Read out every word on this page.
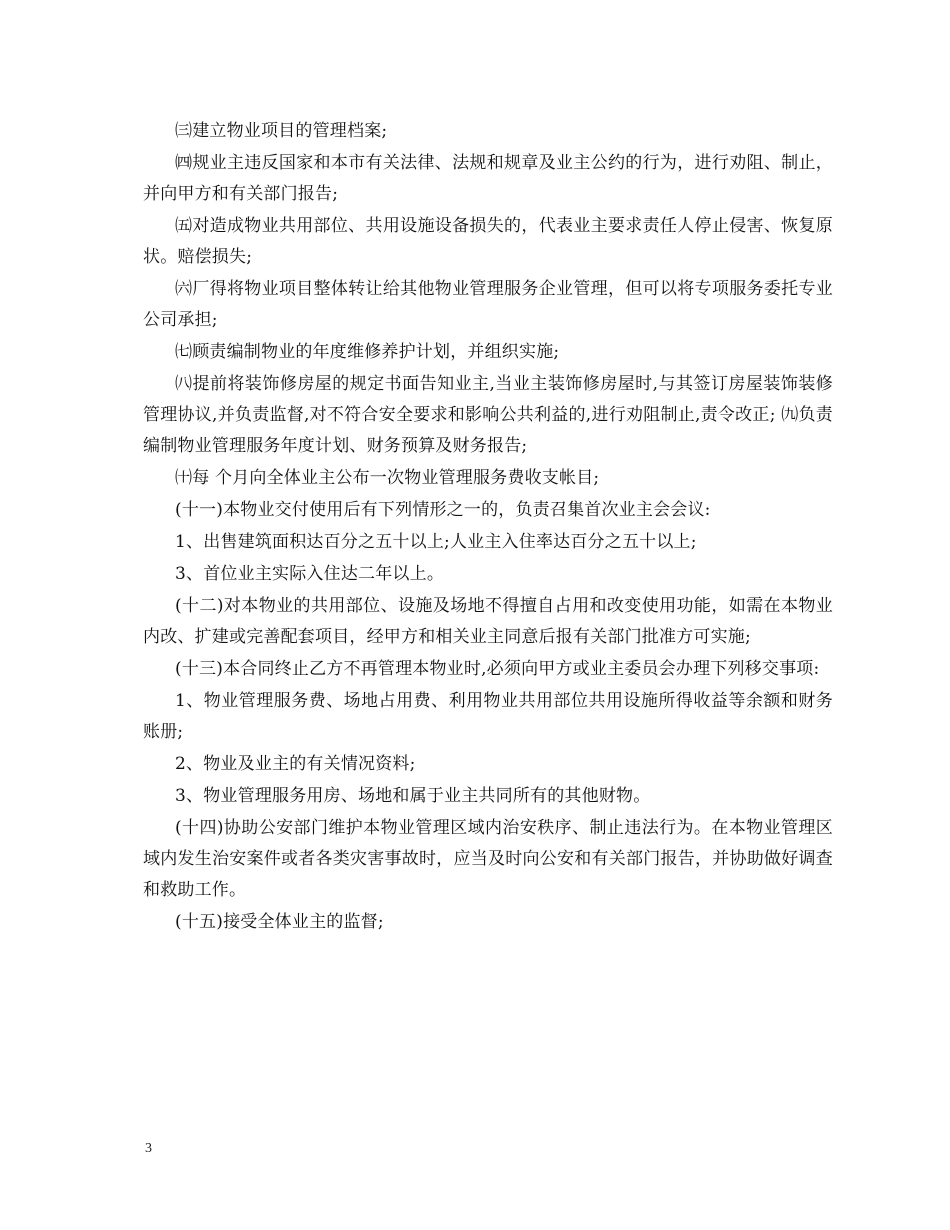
㈢建立物业项目的管理档案;

㈣规业主违反国家和本市有关法律、法规和规章及业主公约的行为，进行劝阻、制止，并向甲方和有关部门报告;

㈤对造成物业共用部位、共用设施设备损失的，代表业主要求责任人停止侵害、恢复原状。赔偿损失;

㈥厂得将物业项目整体转让给其他物业管理服务企业管理，但可以将专项服务委托专业公司承担;

㈦顾责编制物业的年度维修养护计划，并组织实施;

㈧提前将装饰修房屋的规定书面告知业主,当业主装饰修房屋时,与其签订房屋装饰装修管理协议,并负责监督,对不符合安全要求和影响公共利益的,进行劝阻制止,责令改正; ㈨负责编制物业管理服务年度计划、财务预算及财务报告;

㈩每 个月向全体业主公布一次物业管理服务费收支帐目;

(十一)本物业交付使用后有下列情形之一的，负责召集首次业主会会议:

1、出售建筑面积达百分之五十以上;人业主入住率达百分之五十以上;

3、首位业主实际入住达二年以上。

(十二)对本物业的共用部位、设施及场地不得擅自占用和改变使用功能，如需在本物业内改、扩建或完善配套项目，经甲方和相关业主同意后报有关部门批准方可实施;

(十三)本合同终止乙方不再管理本物业时,必须向甲方或业主委员会办理下列移交事项:

1、物业管理服务费、场地占用费、利用物业共用部位共用设施所得收益等余额和财务账册;

2、物业及业主的有关情况资料;

3、物业管理服务用房、场地和属于业主共同所有的其他财物。

(十四)协助公安部门维护本物业管理区域内治安秩序、制止违法行为。在本物业管理区域内发生治安案件或者各类灾害事故时，应当及时向公安和有关部门报告，并协助做好调查和救助工作。

(十五)接受全体业主的监督;

3
